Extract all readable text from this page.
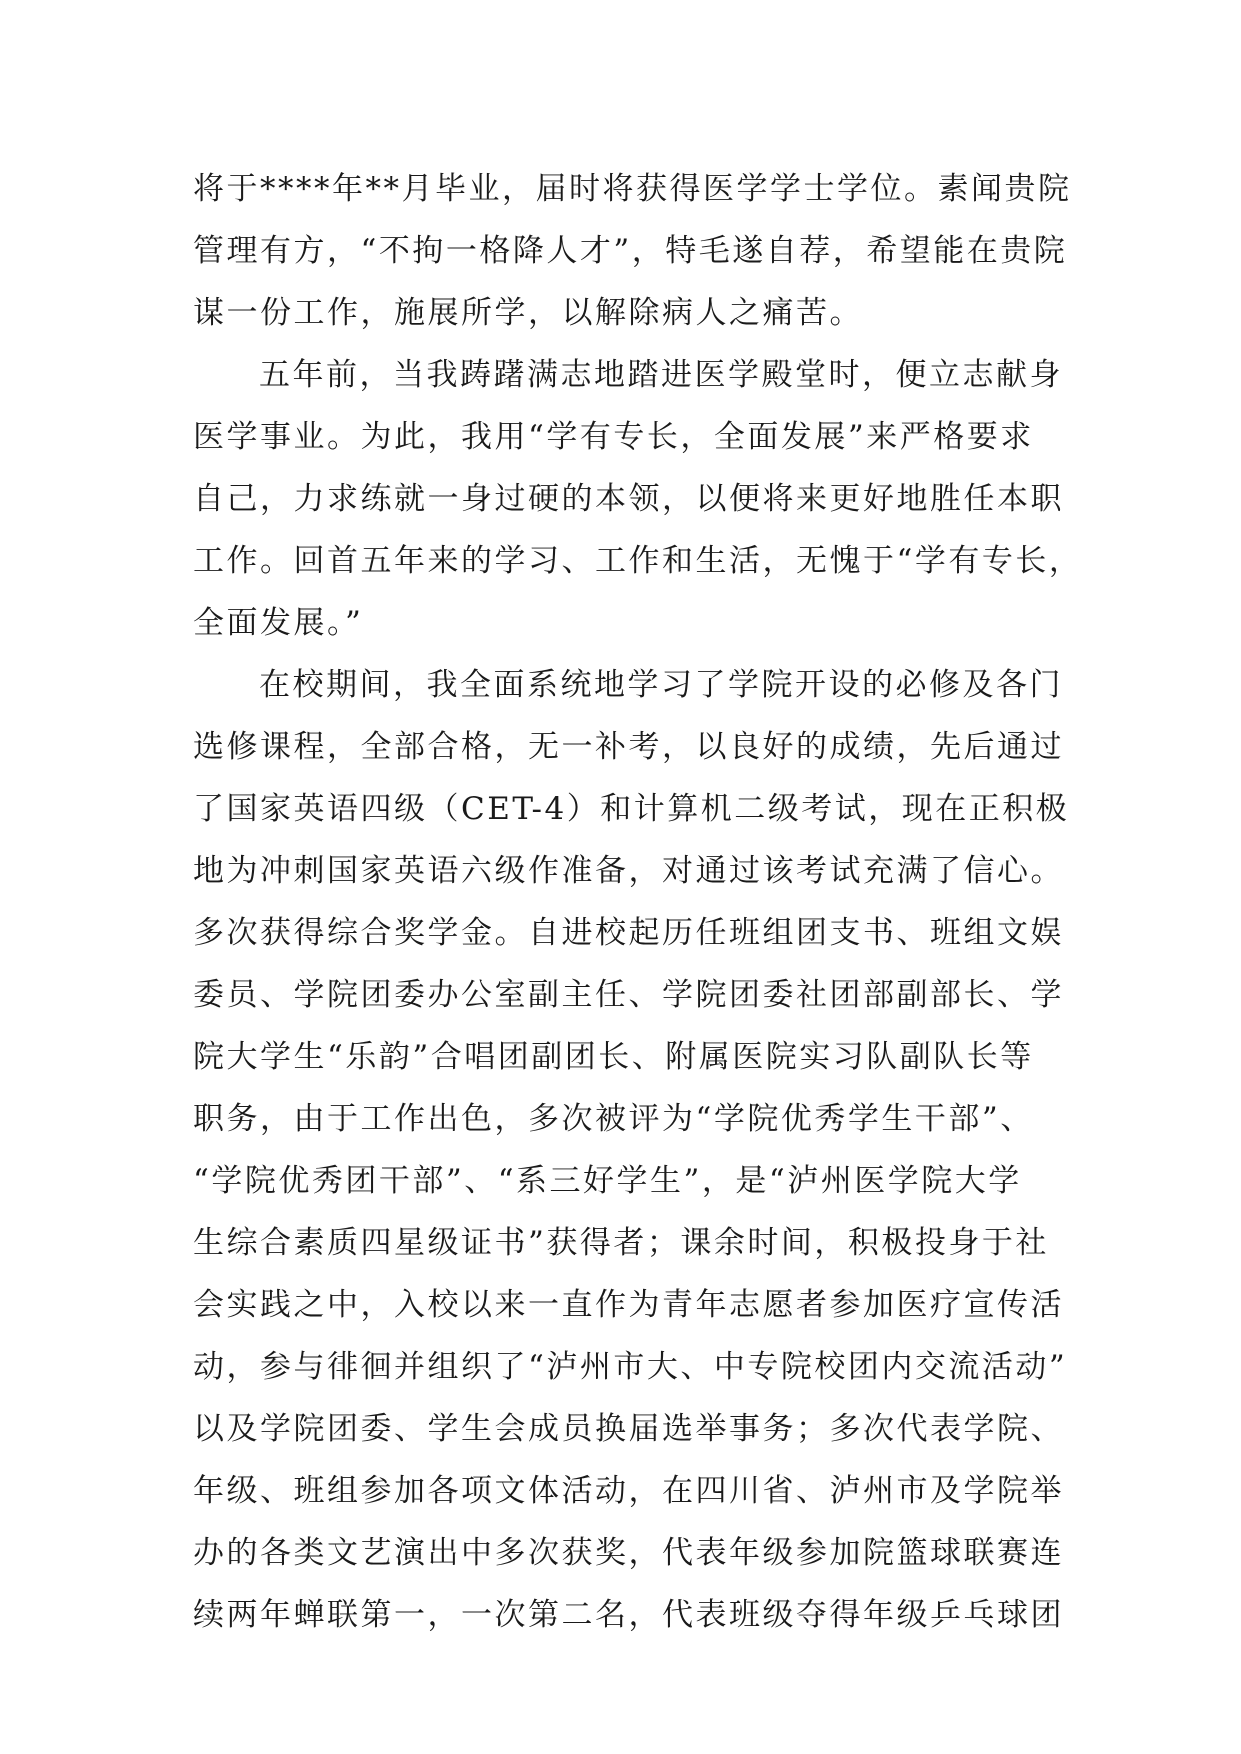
将于****年**月毕业，届时将获得医学学士学位。素闻贵院
管理有方，“不拘一格降人才”，特毛遂自荐，希望能在贵院
谋一份工作，施展所学，以解除病人之痛苦。
五年前，当我踌躇满志地踏进医学殿堂时，便立志献身
医学事业。为此，我用“学有专长，全面发展”来严格要求
自己，力求练就一身过硬的本领，以便将来更好地胜任本职
工作。回首五年来的学习、工作和生活，无愧于“学有专长，
全面发展。”
在校期间，我全面系统地学习了学院开设的必修及各门
选修课程，全部合格，无一补考，以良好的成绩，先后通过
了国家英语四级（CET-4）和计算机二级考试，现在正积极
地为冲刺国家英语六级作准备，对通过该考试充满了信心。
多次获得综合奖学金。自进校起历任班组团支书、班组文娱
委员、学院团委办公室副主任、学院团委社团部副部长、学
院大学生“乐韵”合唱团副团长、附属医院实习队副队长等
职务，由于工作出色，多次被评为“学院优秀学生干部”、
“学院优秀团干部”、“系三好学生”，是“泸州医学院大学
生综合素质四星级证书”获得者；课余时间，积极投身于社
会实践之中，入校以来一直作为青年志愿者参加医疗宣传活
动，参与徘徊并组织了“泸州市大、中专院校团内交流活动”
以及学院团委、学生会成员换届选举事务；多次代表学院、
年级、班组参加各项文体活动，在四川省、泸州市及学院举
办的各类文艺演出中多次获奖，代表年级参加院篮球联赛连
续两年蝉联第一，一次第二名，代表班级夺得年级乒乓球团
